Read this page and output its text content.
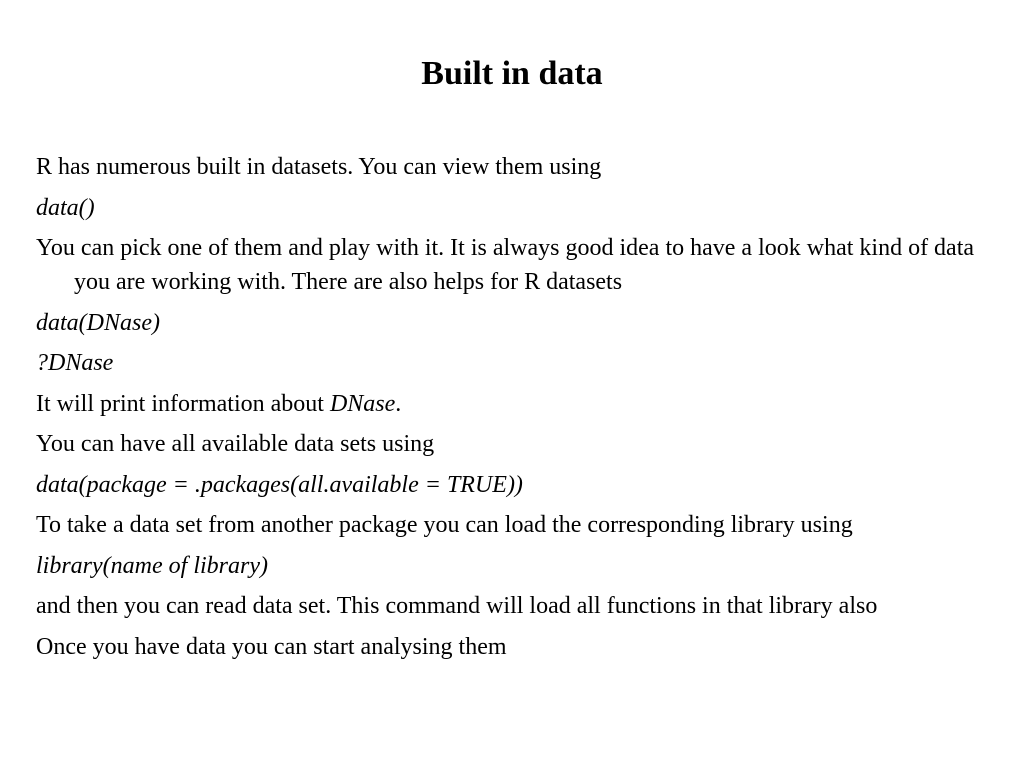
Built in data

R has numerous built in datasets. You can view them using

data()

You can pick one of them and play with it. It is always good idea to have a look what kind of data you are working with. There are also helps for R datasets

data(DNase)

?DNase

It will print information about DNase.

You can have all available data sets using

data(package = .packages(all.available = TRUE))

To take a data set from another package you can load the corresponding library using

library(name of library)

and then you can read data set. This command will load all functions in that library also

Once you have data you can start analysing them
